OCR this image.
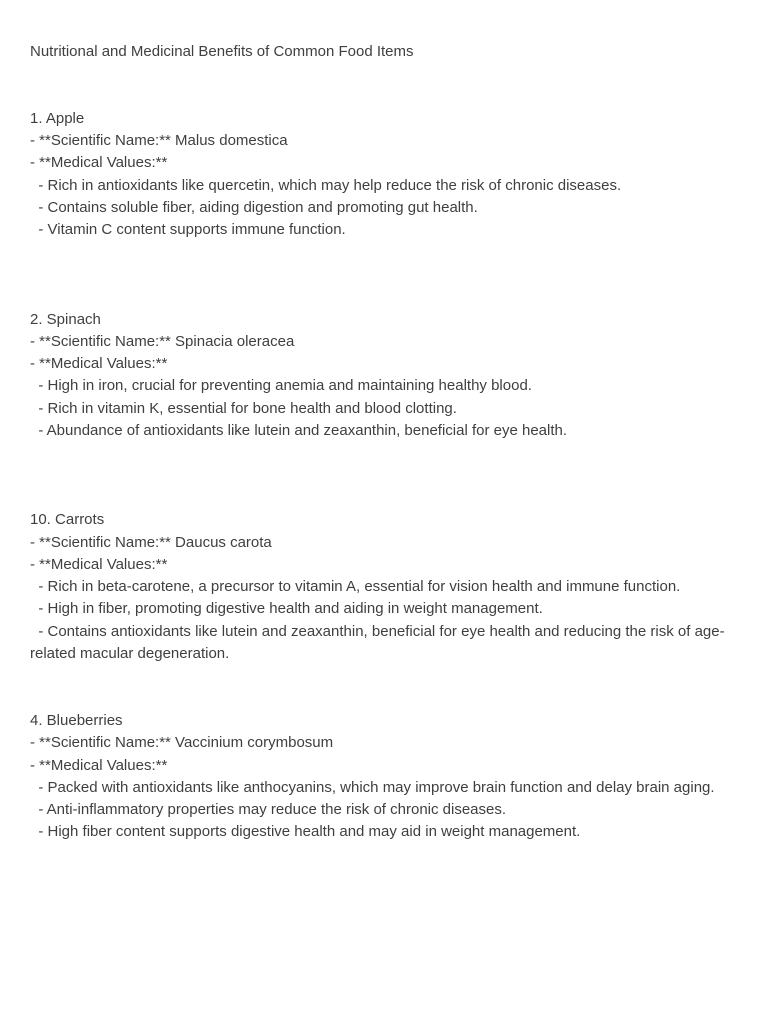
Nutritional and Medicinal Benefits of Common Food Items
1. Apple
- **Scientific Name:** Malus domestica
- **Medical Values:**
- Rich in antioxidants like quercetin, which may help reduce the risk of chronic diseases.
- Contains soluble fiber, aiding digestion and promoting gut health.
- Vitamin C content supports immune function.
2. Spinach
- **Scientific Name:** Spinacia oleracea
- **Medical Values:**
- High in iron, crucial for preventing anemia and maintaining healthy blood.
- Rich in vitamin K, essential for bone health and blood clotting.
- Abundance of antioxidants like lutein and zeaxanthin, beneficial for eye health.
10. Carrots
- **Scientific Name:** Daucus carota
- **Medical Values:**
- Rich in beta-carotene, a precursor to vitamin A, essential for vision health and immune function.
- High in fiber, promoting digestive health and aiding in weight management.
- Contains antioxidants like lutein and zeaxanthin, beneficial for eye health and reducing the risk of age-related macular degeneration.
4. Blueberries
- **Scientific Name:** Vaccinium corymbosum
- **Medical Values:**
- Packed with antioxidants like anthocyanins, which may improve brain function and delay brain aging.
- Anti-inflammatory properties may reduce the risk of chronic diseases.
- High fiber content supports digestive health and may aid in weight management.
